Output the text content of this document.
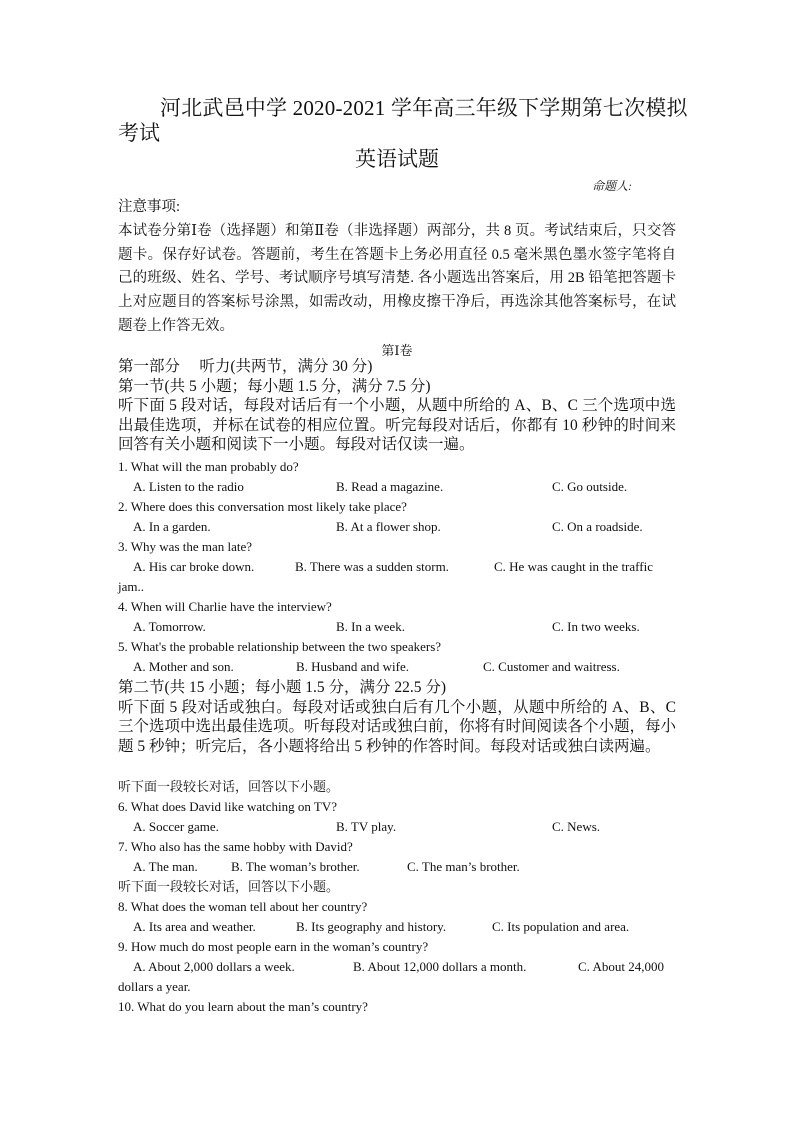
河北武邑中学 2020-2021 学年高三年级下学期第七次模拟
考试
英语试题
命题人:

注意事项:

本试卷分第Ⅰ卷（选择题）和第Ⅱ卷（非选择题）两部分，共 8 页。考试结束后，只交答题卡。保存好试卷。答题前，考生在答题卡上务必用直径 0.5 毫米黑色墨水签字笔将自己的班级、姓名、学号、考试顺序号填写清楚. 各小题选出答案后，用 2B 铅笔把答题卡上对应题目的答案标号涂黑，如需改动，用橡皮擦干净后，再选涂其他答案标号，在试题卷上作答无效。

第Ⅰ卷

第一部分　 听力(共两节，满分 30 分)

第一节(共 5 小题；每小题 1.5 分，满分 7.5 分)

听下面 5 段对话，每段对话后有一个小题，从题中所给的 A、B、C 三个选项中选出最佳选项，并标在试卷的相应位置。听完每段对话后，你都有 10 秒钟的时间来回答有关小题和阅读下一小题。每段对话仅读一遍。

1. What will the man probably do?
A. Listen to the radio	B. Read a magazine.	C. Go outside.
2. Where does this conversation most likely take place?
A. In a garden.	B. At a flower shop.	C. On a roadside.
3. Why was the man late?
A. His car broke down.	B. There was a sudden storm.	C. He was caught in the traffic
jam..
4. When will Charlie have the interview?
A. Tomorrow.	B. In a week.	C. In two weeks.
5. What's the probable relationship between the two speakers?
A. Mother and son.	B. Husband and wife.	C. Customer and waitress.

第二节(共 15 小题；每小题 1.5 分，满分 22.5 分)

听下面 5 段对话或独白。每段对话或独白后有几个小题，从题中所给的 A、B、C 三个选项中选出最佳选项。听每段对话或独白前，你将有时间阅读各个小题，每小题 5 秒钟；听完后，各小题将给出 5 秒钟的作答时间。每段对话或独白读两遍。

听下面一段较长对话，回答以下小题。
6. What does David like watching on TV?
A. Soccer game.	B. TV play.	C. News.
7. Who also has the same hobby with David?
A. The man.	B. The woman’s brother.	C. The man’s brother.
听下面一段较长对话，回答以下小题。
8. What does the woman tell about her country?
A. Its area and weather.	B. Its geography and history.	C. Its population and area.
9. How much do most people earn in the woman’s country?
A. About 2,000 dollars a week.	B. About 12,000 dollars a month.	C. About 24,000
dollars a year.
10. What do you learn about the man’s country?
